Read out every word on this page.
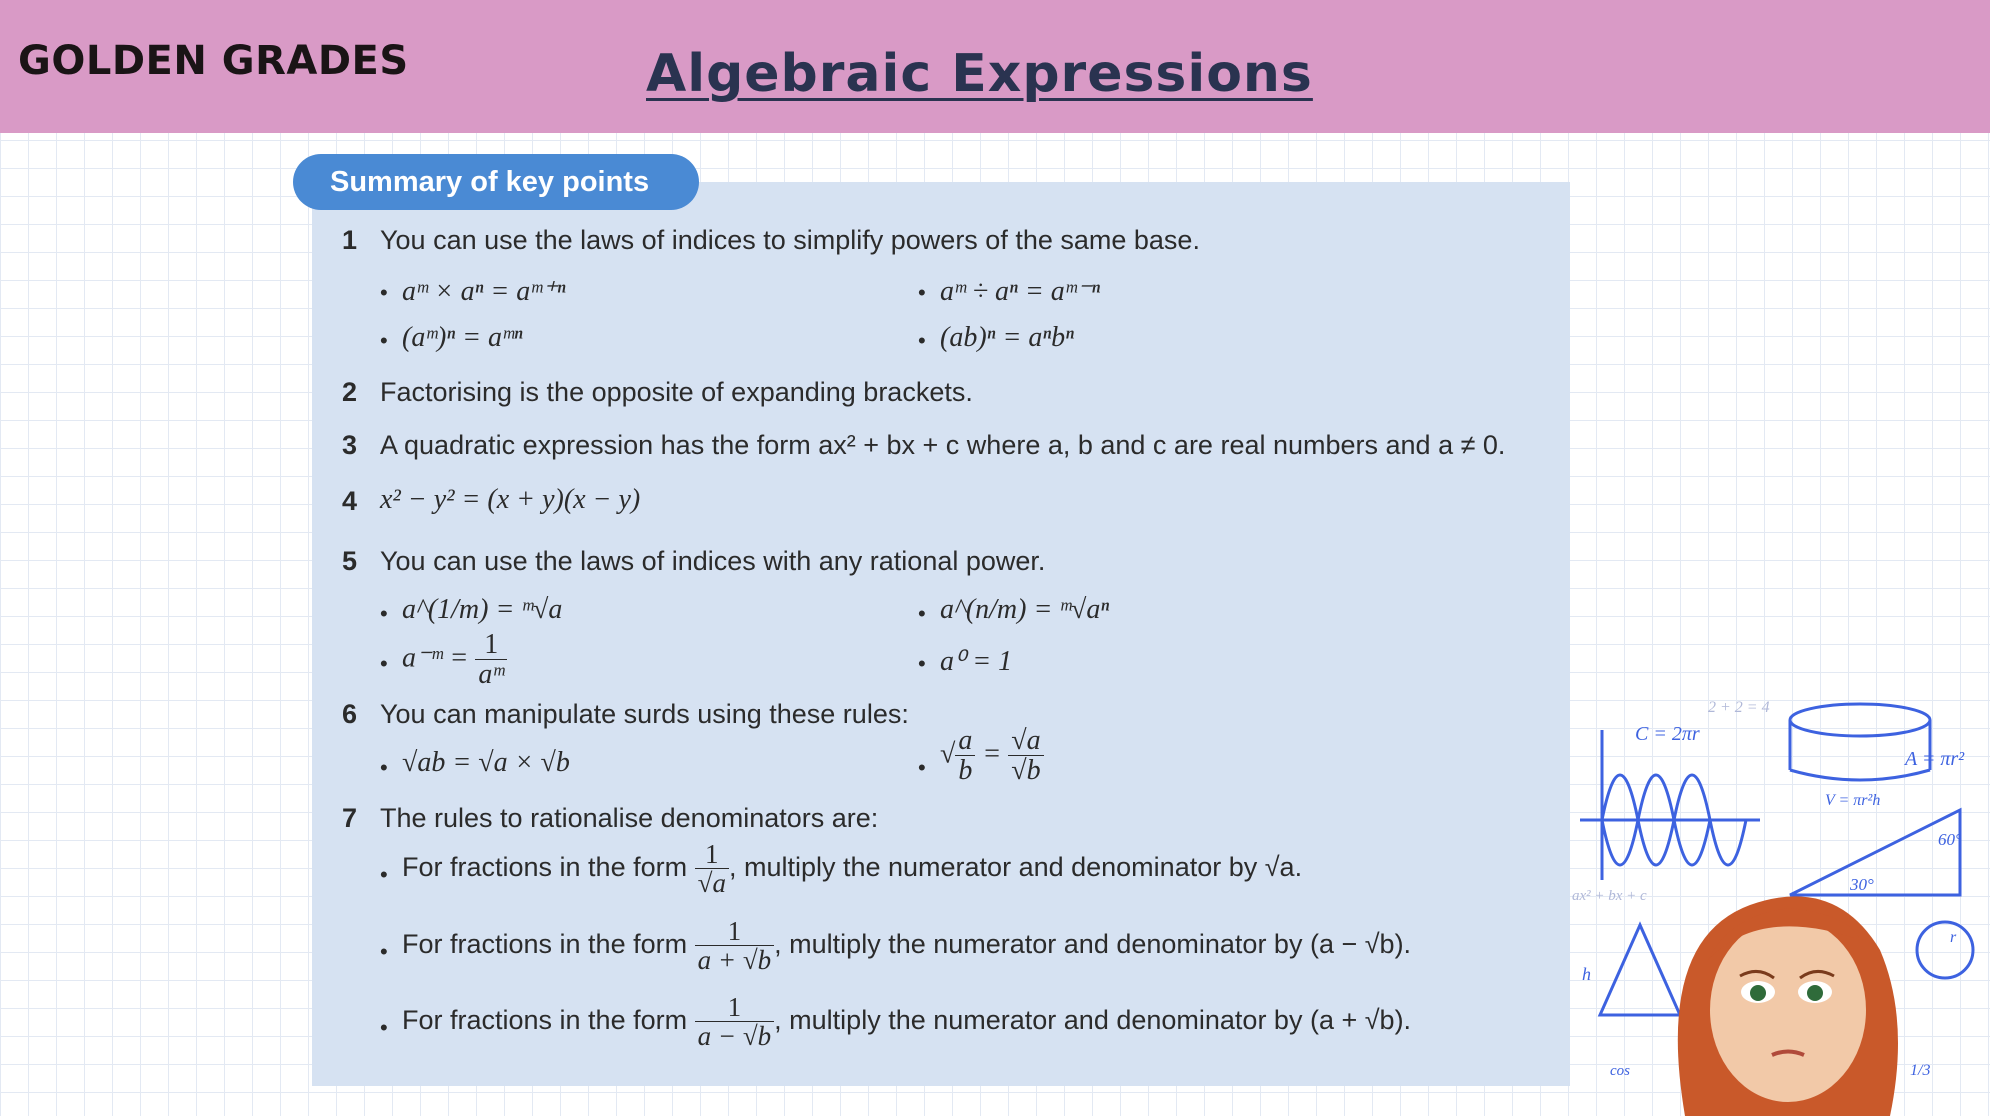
GOLDEN GRADES	Algebraic Expressions
Summary of key points
1 You can use the laws of indices to simplify powers of the same base.
• aᵐ × aⁿ = aᵐ⁺ⁿ	• aᵐ ÷ aⁿ = aᵐ⁻ⁿ
• (aᵐ)ⁿ = aᵐⁿ	• (ab)ⁿ = aⁿbⁿ
2 Factorising is the opposite of expanding brackets.
3 A quadratic expression has the form ax² + bx + c where a, b and c are real numbers and a ≠ 0.
4 x² − y² = (x + y)(x − y)
5 You can use the laws of indices with any rational power.
• a^(1/m) = ᵐ√a	• a^(n/m) = ᵐ√aⁿ
• a⁻ᵐ = $\frac{1}{\text{aᵐ}}$	• a⁰ = 1
6 You can manipulate surds using these rules:
• √ab = √a × √b	• √ $\frac{a}{b} = \frac{√a}{√b}$
7 The rules to rationalise denominators are:
• For fractions in the form $\frac{1}{√a}$ , multiply the numerator and denominator by √a.
• For fractions in the form $\frac{1}{a + √b}$ , multiply the numerator and denominator by (a − √b).
• For fractions in the form $\frac{1}{a - √b}$ , multiply the numerator and denominator by (a + √b).
C = 2πr
A = πr²
V = πr²h
ax² + bx + c
60°
30°
2 + 2 = 4
h
r
cos	1/3
